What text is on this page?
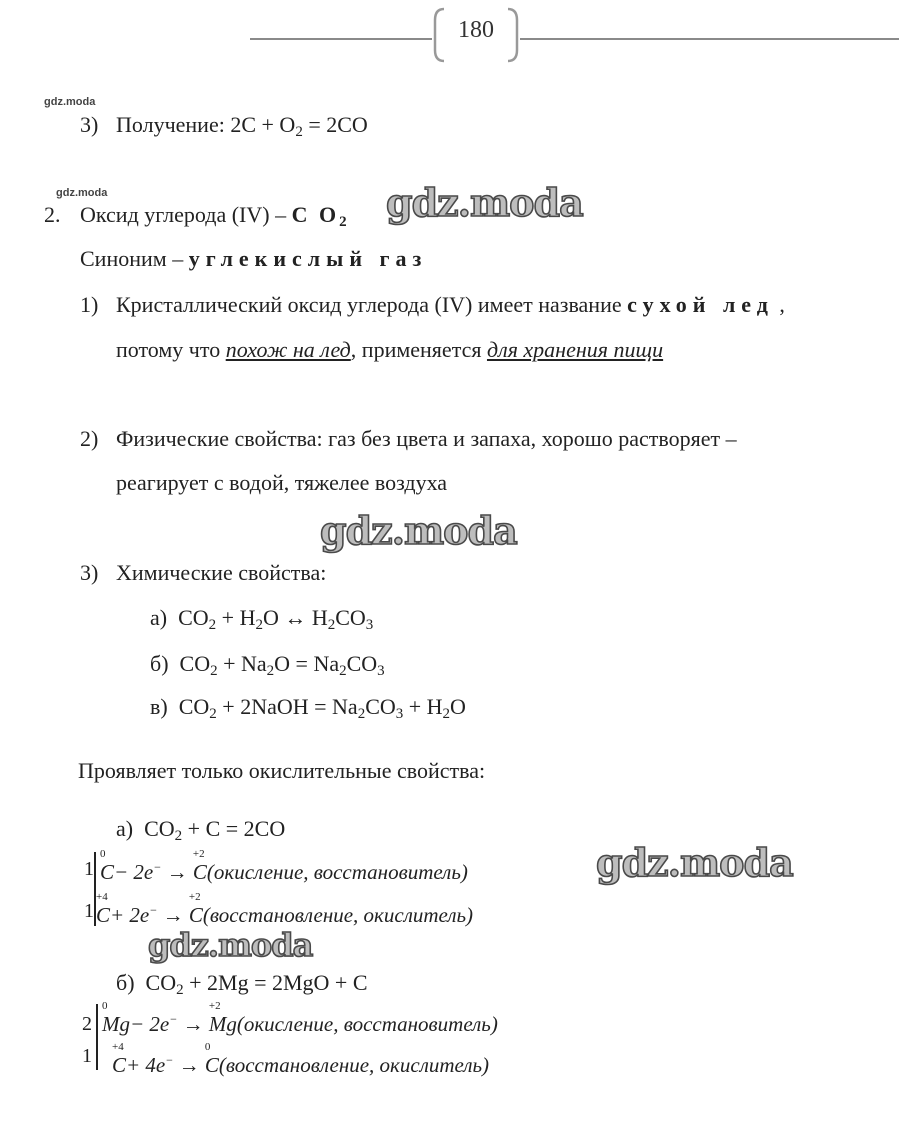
180
gdz.moda
gdz.moda
3) Получение: $2C + O_2 = 2CO$
2. Оксид углерода (IV) – C $O_2$ gdz.moda
Синоним – углекислый газ
1) Кристаллический оксид углерода (IV) имеет название сухой лед ,
потому что похож на лед, применяется для хранения пищи
2) Физические свойства: газ без цвета и запаха, хорошо растворяет –
реагирует с водой, тяжелее воздуха
gdz.moda
3) Химические свойства:
а) $CO_2 + H_2O$ ↔ $H_2CO_3$
б) $CO_2 + Na_2O = Na_2CO_3$
в) $CO_2$ + 2NaOH = $Na_2CO_3 + H_2O$
Проявляет только окислительные свойства:
а) $CO_2 + C = 2CO$
1
1
0
C− 2e− →
+2
C(окисление, восстановитель)
+4
C+ 2e− →
+2
C(восстановление, окислитель)
gdz.moda
gdz.moda
б) $CO_2 + 2Mg = 2MgO + C$
2
1
0
Mg− 2e− →
+2
Mg(окисление, восстановитель)
+4
C+ 4e− →
0
C(восстановление, окислитель)
